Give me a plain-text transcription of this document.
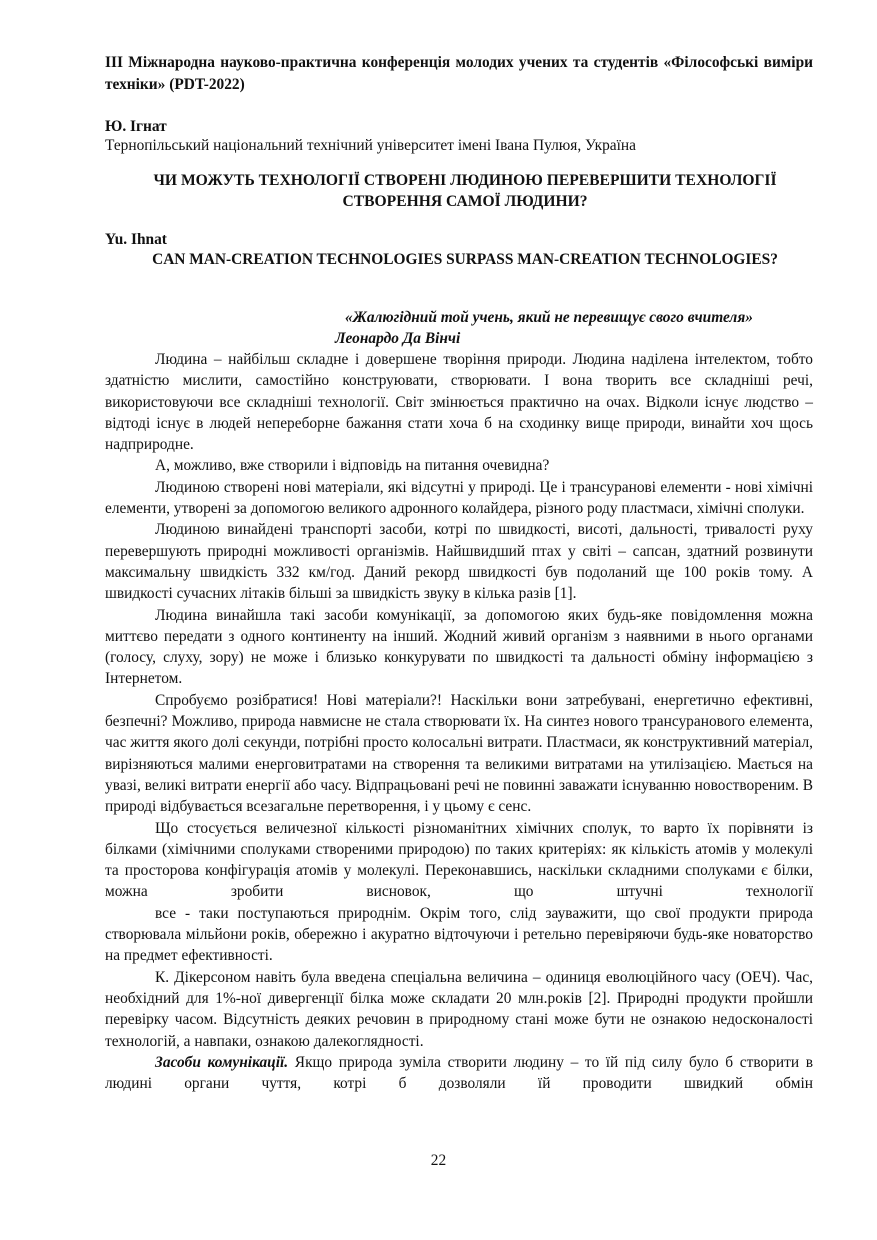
III Міжнародна науково-практична конференція молодих учених та студентів «Філософські виміри техніки» (PDT-2022)
Ю. Ігнат
Тернопільський національний технічний університет імені Івана Пулюя, Україна
ЧИ МОЖУТЬ ТЕХНОЛОГІЇ СТВОРЕНІ ЛЮДИНОЮ ПЕРЕВЕРШИТИ ТЕХНОЛОГІЇ СТВОРЕННЯ САМОЇ ЛЮДИНИ?
Yu. Ihnat
CAN MAN-CREATION TECHNOLOGIES SURPASS MAN-CREATION TECHNOLOGIES?
«Жалюгідний той учень, який не перевищує свого вчителя»
Леонардо Да Вінчі

Людина – найбільш складне і довершене творіння природи. Людина наділена інтелектом, тобто здатністю мислити, самостійно конструювати, створювати. І вона творить все складніші речі, використовуючи все складніші технології. Світ змінюється практично на очах. Відколи існує людство – відтоді існує в людей непереборне бажання стати хоча б на сходинку вище природи, винайти хоч щось надприродне.

А, можливо, вже створили і відповідь на питання очевидна?

Людиною створені нові матеріали, які відсутні у природі. Це і трансуранові елементи - нові хімічні елементи, утворені за допомогою великого адронного колайдера, різного роду пластмаси, хімічні сполуки.

Людиною винайдені транспорті засоби, котрі по швидкості, висоті, дальності, тривалості руху перевершують природні можливості організмів. Найшвидший птах у світі – сапсан, здатний розвинути максимальну швидкість 332 км/год. Даний рекорд швидкості був подоланий ще 100 років тому. А швидкості сучасних літаків більші за швидкість звуку в кілька разів [1].

Людина винайшла такі засоби комунікації, за допомогою яких будь-яке повідомлення можна миттєво передати з одного континенту на інший. Жодний живий організм з наявними в нього органами (голосу, слуху, зору) не може і близько конкурувати по швидкості та дальності обміну інформацією з Інтернетом.

Спробуємо розібратися! Нові матеріали?! Наскільки вони затребувані, енергетично ефективні, безпечні? Можливо, природа навмисне не стала створювати їх. На синтез нового трансуранового елемента, час життя якого долі секунди, потрібні просто колосальні витрати. Пластмаси, як конструктивний матеріал, вирізняються малими енерговитратами на створення та великими витратами на утилізацією. Мається на увазі, великі витрати енергії або часу. Відпрацьовані речі не повинні заважати існуванню новоствореним. В природі відбувається всезагальне перетворення, і у цьому є сенс.

Що стосується величезної кількості різноманітних хімічних сполук, то варто їх порівняти із білками (хімічними сполуками створеними природою) по таких критеріях: як кількість атомів у молекулі та просторова конфігурація атомів у молекулі. Переконавшись, наскільки складними сполуками є білки, можна зробити висновок, що штучні технології

все - таки поступаються природнім. Окрім того, слід зауважити, що свої продукти природа створювала мільйони років, обережно і акуратно відточуючи і ретельно перевіряючи будь-яке новаторство на предмет ефективності.

К. Дікерсоном навіть була введена спеціальна величина – одиниця еволюційного часу (ОЕЧ). Час, необхідний для 1%-ної дивергенції білка може складати 20 млн.років [2]. Природні продукти пройшли перевірку часом. Відсутність деяких речовин в природному стані може бути не ознакою недосконалості технологій, а навпаки, ознакою далекоглядності.

Засоби комунікації. Якщо природа зуміла створити людину – то їй під силу було б створити в людині органи чуття, котрі б дозволяли їй проводити швидкий обмін

22
